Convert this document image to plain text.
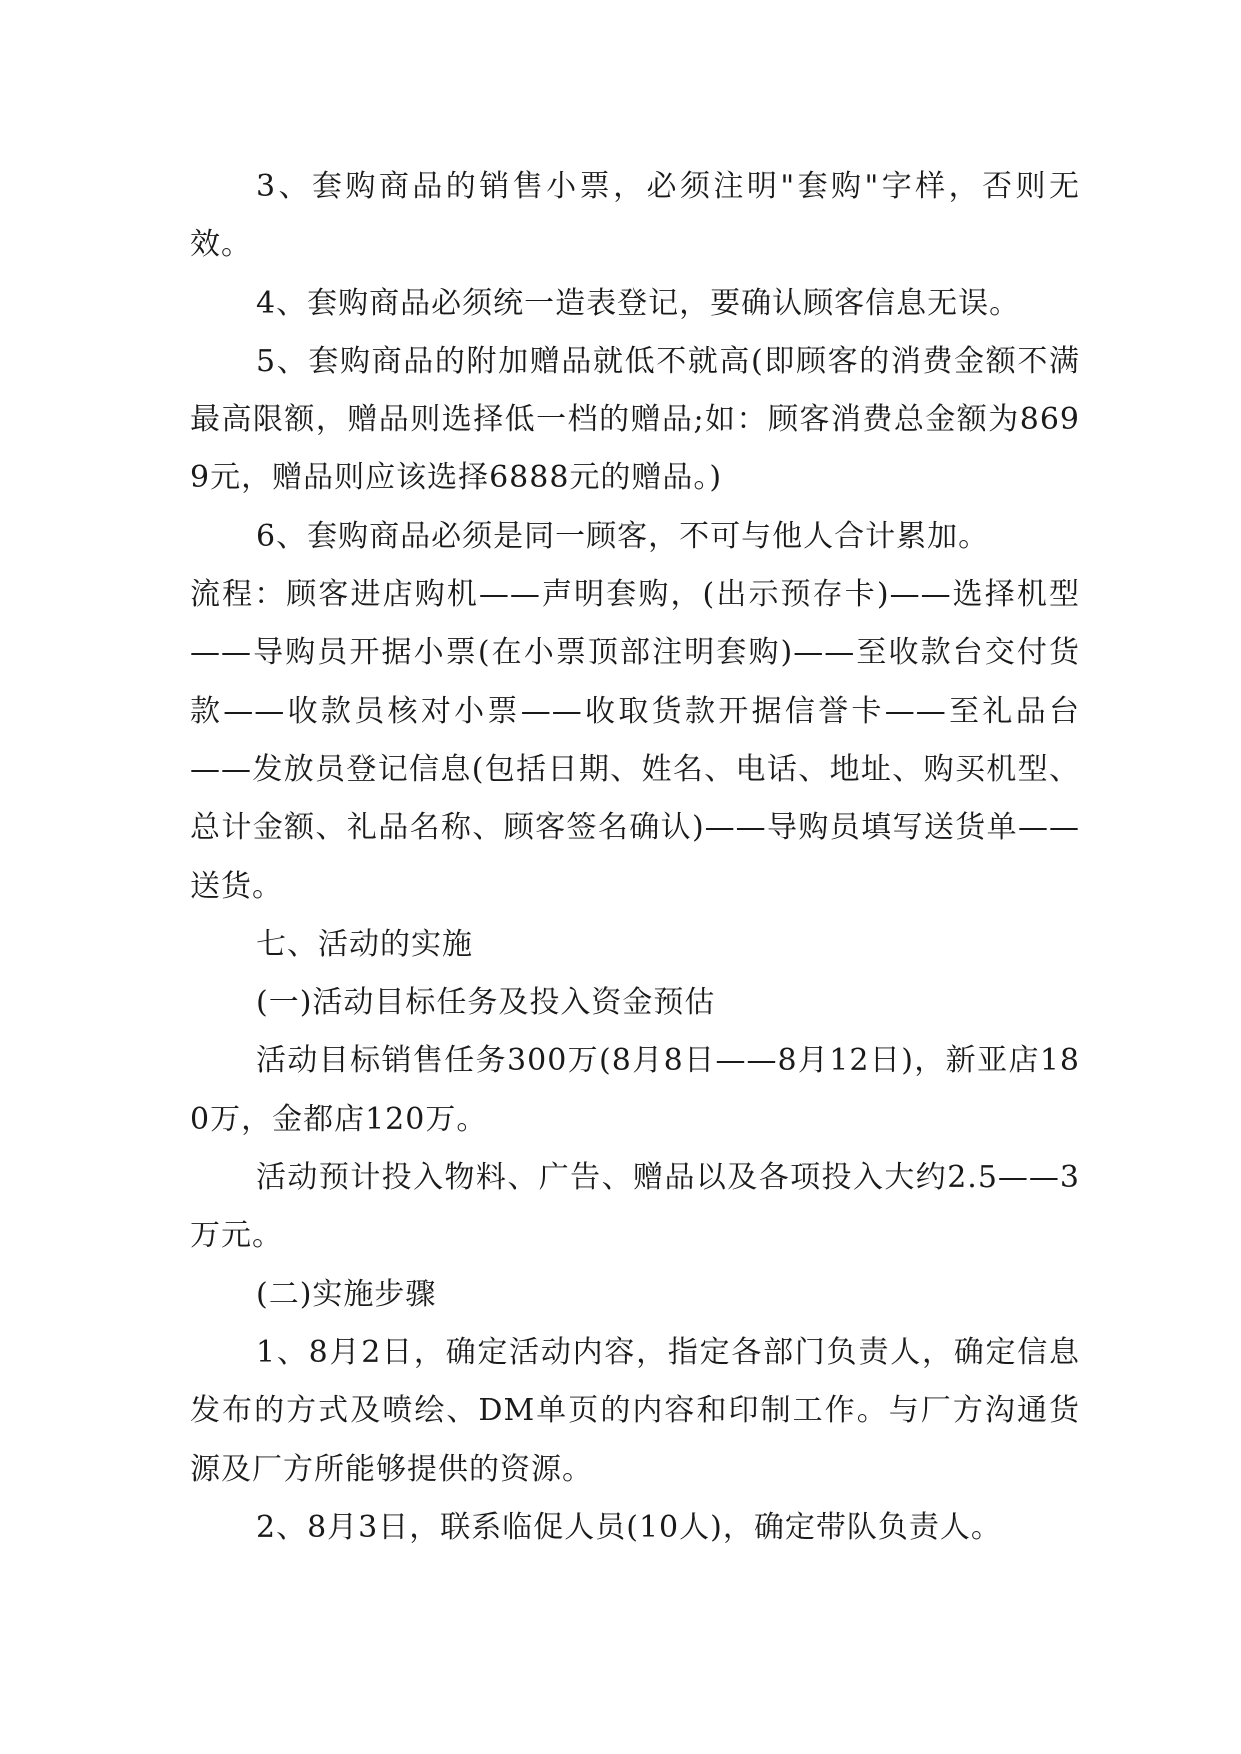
3、套购商品的销售小票，必须注明"套购"字样，否则无效。

4、套购商品必须统一造表登记，要确认顾客信息无误。

5、套购商品的附加赠品就低不就高(即顾客的消费金额不满最高限额，赠品则选择低一档的赠品;如：顾客消费总金额为8699元，赠品则应该选择6888元的赠品。)

6、套购商品必须是同一顾客，不可与他人合计累加。

流程：顾客进店购机——声明套购，(出示预存卡)——选择机型——导购员开据小票(在小票顶部注明套购)——至收款台交付货款——收款员核对小票——收取货款开据信誉卡——至礼品台——发放员登记信息(包括日期、姓名、电话、地址、购买机型、总计金额、礼品名称、顾客签名确认)——导购员填写送货单——送货。

七、活动的实施

(一)活动目标任务及投入资金预估

活动目标销售任务300万(8月8日——8月12日)，新亚店180万，金都店120万。

活动预计投入物料、广告、赠品以及各项投入大约2.5——3万元。

(二)实施步骤

1、8月2日，确定活动内容，指定各部门负责人，确定信息发布的方式及喷绘、DM单页的内容和印制工作。与厂方沟通货源及厂方所能够提供的资源。

2、8月3日，联系临促人员(10人)，确定带队负责人。
